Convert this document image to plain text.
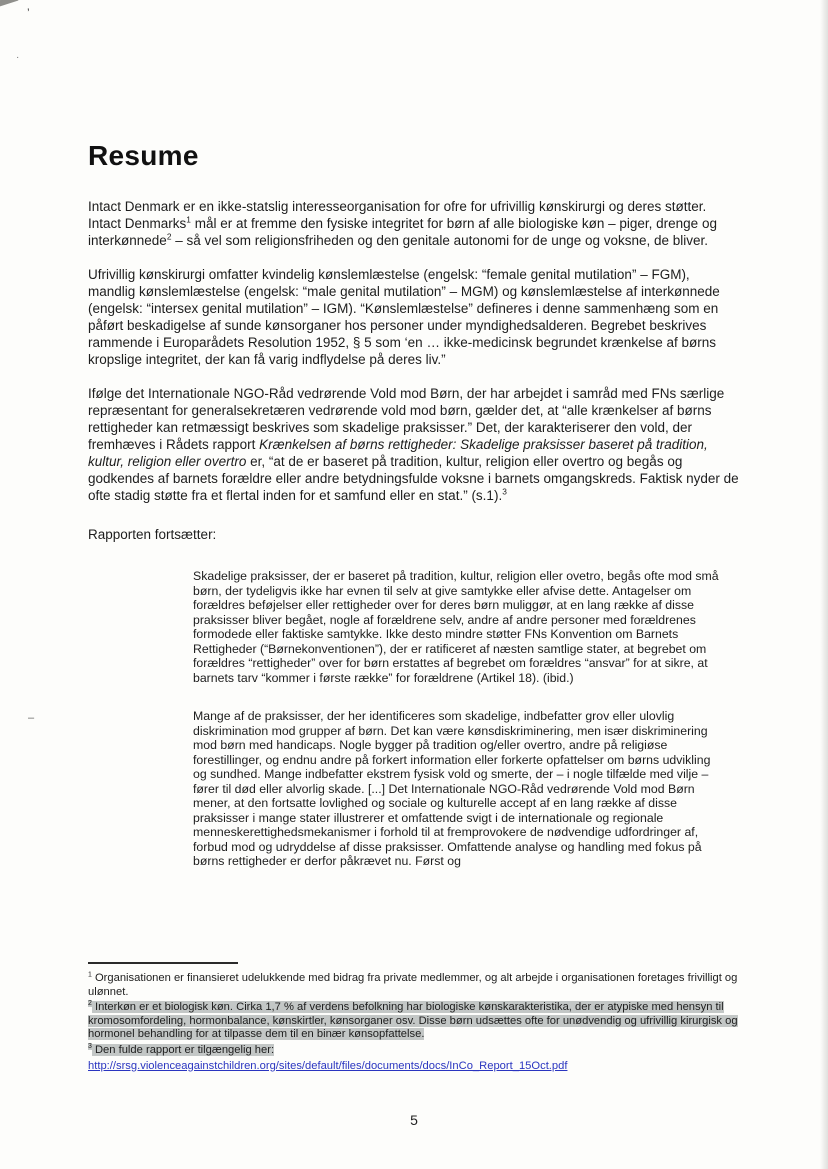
’
·
–
Resume

Intact Denmark er en ikke-statslig interesseorganisation for ofre for ufrivillig kønskirurgi og deres støtter. Intact Denmarks$^1$ mål er at fremme den fysiske integritet for børn af alle biologiske køn – piger, drenge og interkønnede$^2$ – så vel som religionsfriheden og den genitale autonomi for de unge og voksne, de bliver.

Ufrivillig kønskirurgi omfatter kvindelig kønslemlæstelse (engelsk: “female genital mutilation” – FGM), mandlig kønslemlæstelse (engelsk: “male genital mutilation” – MGM) og kønslemlæstelse af interkønnede (engelsk: “intersex genital mutilation” – IGM). “Kønslemlæstelse” defineres i denne sammenhæng som en påført beskadigelse af sunde kønsorganer hos personer under myndighedsalderen. Begrebet beskrives rammende i Europarådets Resolution 1952, § 5 som ‘en … ikke-medicinsk begrundet krænkelse af børns kropslige integritet, der kan få varig indflydelse på deres liv.”

Ifølge det Internationale NGO-Råd vedrørende Vold mod Børn, der har arbejdet i samråd med FNs særlige repræsentant for generalsekretæren vedrørende vold mod børn, gælder det, at “alle krænkelser af børns rettigheder kan retmæssigt beskrives som skadelige praksisser.” Det, der karakteriserer den vold, der fremhæves i Rådets rapport Krænkelsen af børns rettigheder: Skadelige praksisser baseret på tradition, kultur, religion eller overtro er, “at de er baseret på tradition, kultur, religion eller overtro og begås og godkendes af barnets forældre eller andre betydningsfulde voksne i barnets omgangskreds. Faktisk nyder de ofte stadig støtte fra et flertal inden for et samfund eller en stat.” (s.1).$^3$

Rapporten fortsætter:

Skadelige praksisser, der er baseret på tradition, kultur, religion eller ovetro, begås ofte mod små børn, der tydeligvis ikke har evnen til selv at give samtykke eller afvise dette. Antagelser om forældres beføjelser eller rettigheder over for deres børn muliggør, at en lang række af disse praksisser bliver begået, nogle af forældrene selv, andre af andre personer med forældrenes formodede eller faktiske samtykke. Ikke desto mindre støtter FNs Konvention om Barnets Rettigheder (“Børnekonventionen”), der er ratificeret af næsten samtlige stater, at begrebet om forældres “rettigheder” over for børn erstattes af begrebet om forældres “ansvar” for at sikre, at barnets tarv “kommer i første række” for forældrene (Artikel 18). (ibid.)
Mange af de praksisser, der her identificeres som skadelige, indbefatter grov eller ulovlig diskrimination mod grupper af børn. Det kan være kønsdiskriminering, men især diskriminering mod børn med handicaps. Nogle bygger på tradition og/eller overtro, andre på religiøse forestillinger, og endnu andre på forkert information eller forkerte opfattelser om børns udvikling og sundhed. Mange indbefatter ekstrem fysisk vold og smerte, der – i nogle tilfælde med vilje – fører til død eller alvorlig skade. [...] Det Internationale NGO-Råd vedrørende Vold mod Børn mener, at den fortsatte lovlighed og sociale og kulturelle accept af en lang række af disse praksisser i mange stater illustrerer et omfattende svigt i de internationale og regionale menneskerettighedsmekanismer i forhold til at fremprovokere de nødvendige udfordringer af, forbud mod og udryddelse af disse praksisser. Omfattende analyse og handling med fokus på børns rettigheder er derfor påkrævet nu. Først og

$^1$ Organisationen er finansieret udelukkende med bidrag fra private medlemmer, og alt arbejde i organisationen foretages frivilligt og ulønnet.

$^2$ Interkøn er et biologisk køn. Cirka 1,7 % af verdens befolkning har biologiske kønskarakteristika, der er atypiske med hensyn til kromosomfordeling, hormonbalance, kønskirtler, kønsorganer osv. Disse børn udsættes ofte for unødvendig og ufrivillig kirurgisk og hormonel behandling for at tilpasse dem til en binær kønsopfattelse.

$^3$ Den fulde rapport er tilgængelig her:

http://srsg.violenceagainstchildren.org/sites/default/files/documents/docs/InCo_Report_15Oct.pdf

5
